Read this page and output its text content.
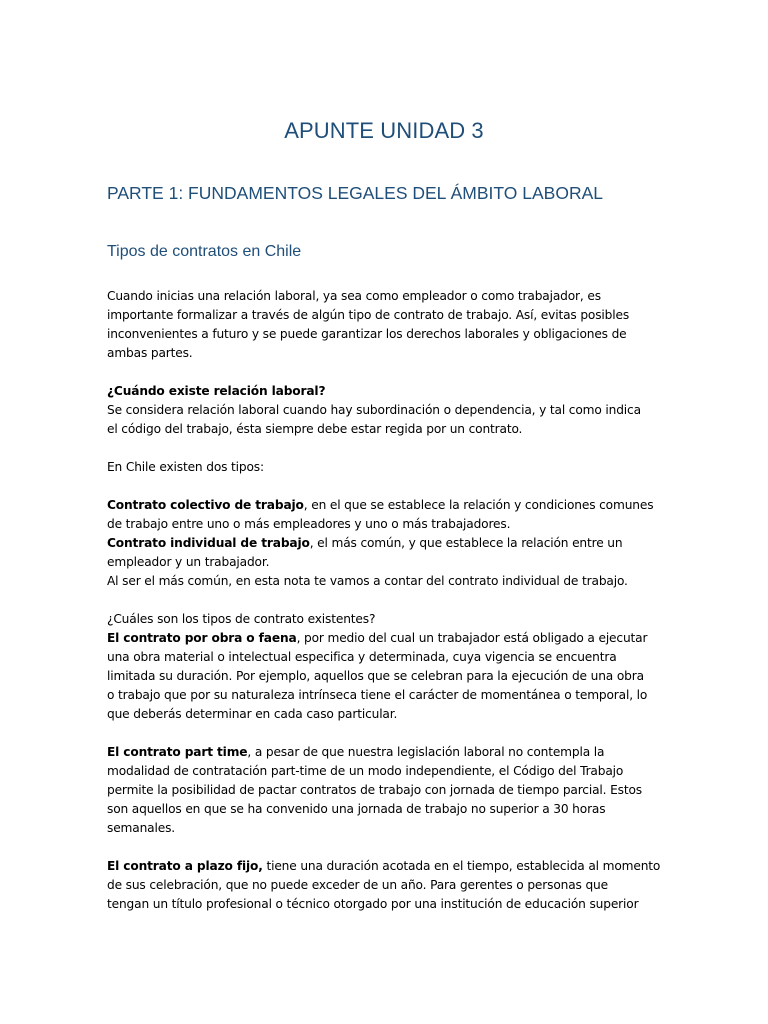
APUNTE UNIDAD 3
PARTE 1: FUNDAMENTOS LEGALES DEL ÁMBITO LABORAL
Tipos de contratos en Chile
Cuando inicias una relación laboral, ya sea como empleador o como trabajador, es
importante formalizar a través de algún tipo de contrato de trabajo. Así, evitas posibles
inconvenientes a futuro y se puede garantizar los derechos laborales y obligaciones de
ambas partes.
¿Cuándo existe relación laboral?
Se considera relación laboral cuando hay subordinación o dependencia, y tal como indica
el código del trabajo, ésta siempre debe estar regida por un contrato.
En Chile existen dos tipos:
Contrato colectivo de trabajo, en el que se establece la relación y condiciones comunes
de trabajo entre uno o más empleadores y uno o más trabajadores.
Contrato individual de trabajo, el más común, y que establece la relación entre un
empleador y un trabajador.
Al ser el más común, en esta nota te vamos a contar del contrato individual de trabajo.
¿Cuáles son los tipos de contrato existentes?
El contrato por obra o faena, por medio del cual un trabajador está obligado a ejecutar
una obra material o intelectual especifica y determinada, cuya vigencia se encuentra
limitada su duración. Por ejemplo, aquellos que se celebran para la ejecución de una obra
o trabajo que por su naturaleza intrínseca tiene el carácter de momentánea o temporal, lo
que deberás determinar en cada caso particular.
El contrato part time, a pesar de que nuestra legislación laboral no contempla la
modalidad de contratación part-time de un modo independiente, el Código del Trabajo
permite la posibilidad de pactar contratos de trabajo con jornada de tiempo parcial. Estos
son aquellos en que se ha convenido una jornada de trabajo no superior a 30 horas
semanales.
El contrato a plazo fijo, tiene una duración acotada en el tiempo, establecida al momento
de sus celebración, que no puede exceder de un año. Para gerentes o personas que
tengan un título profesional o técnico otorgado por una institución de educación superior
